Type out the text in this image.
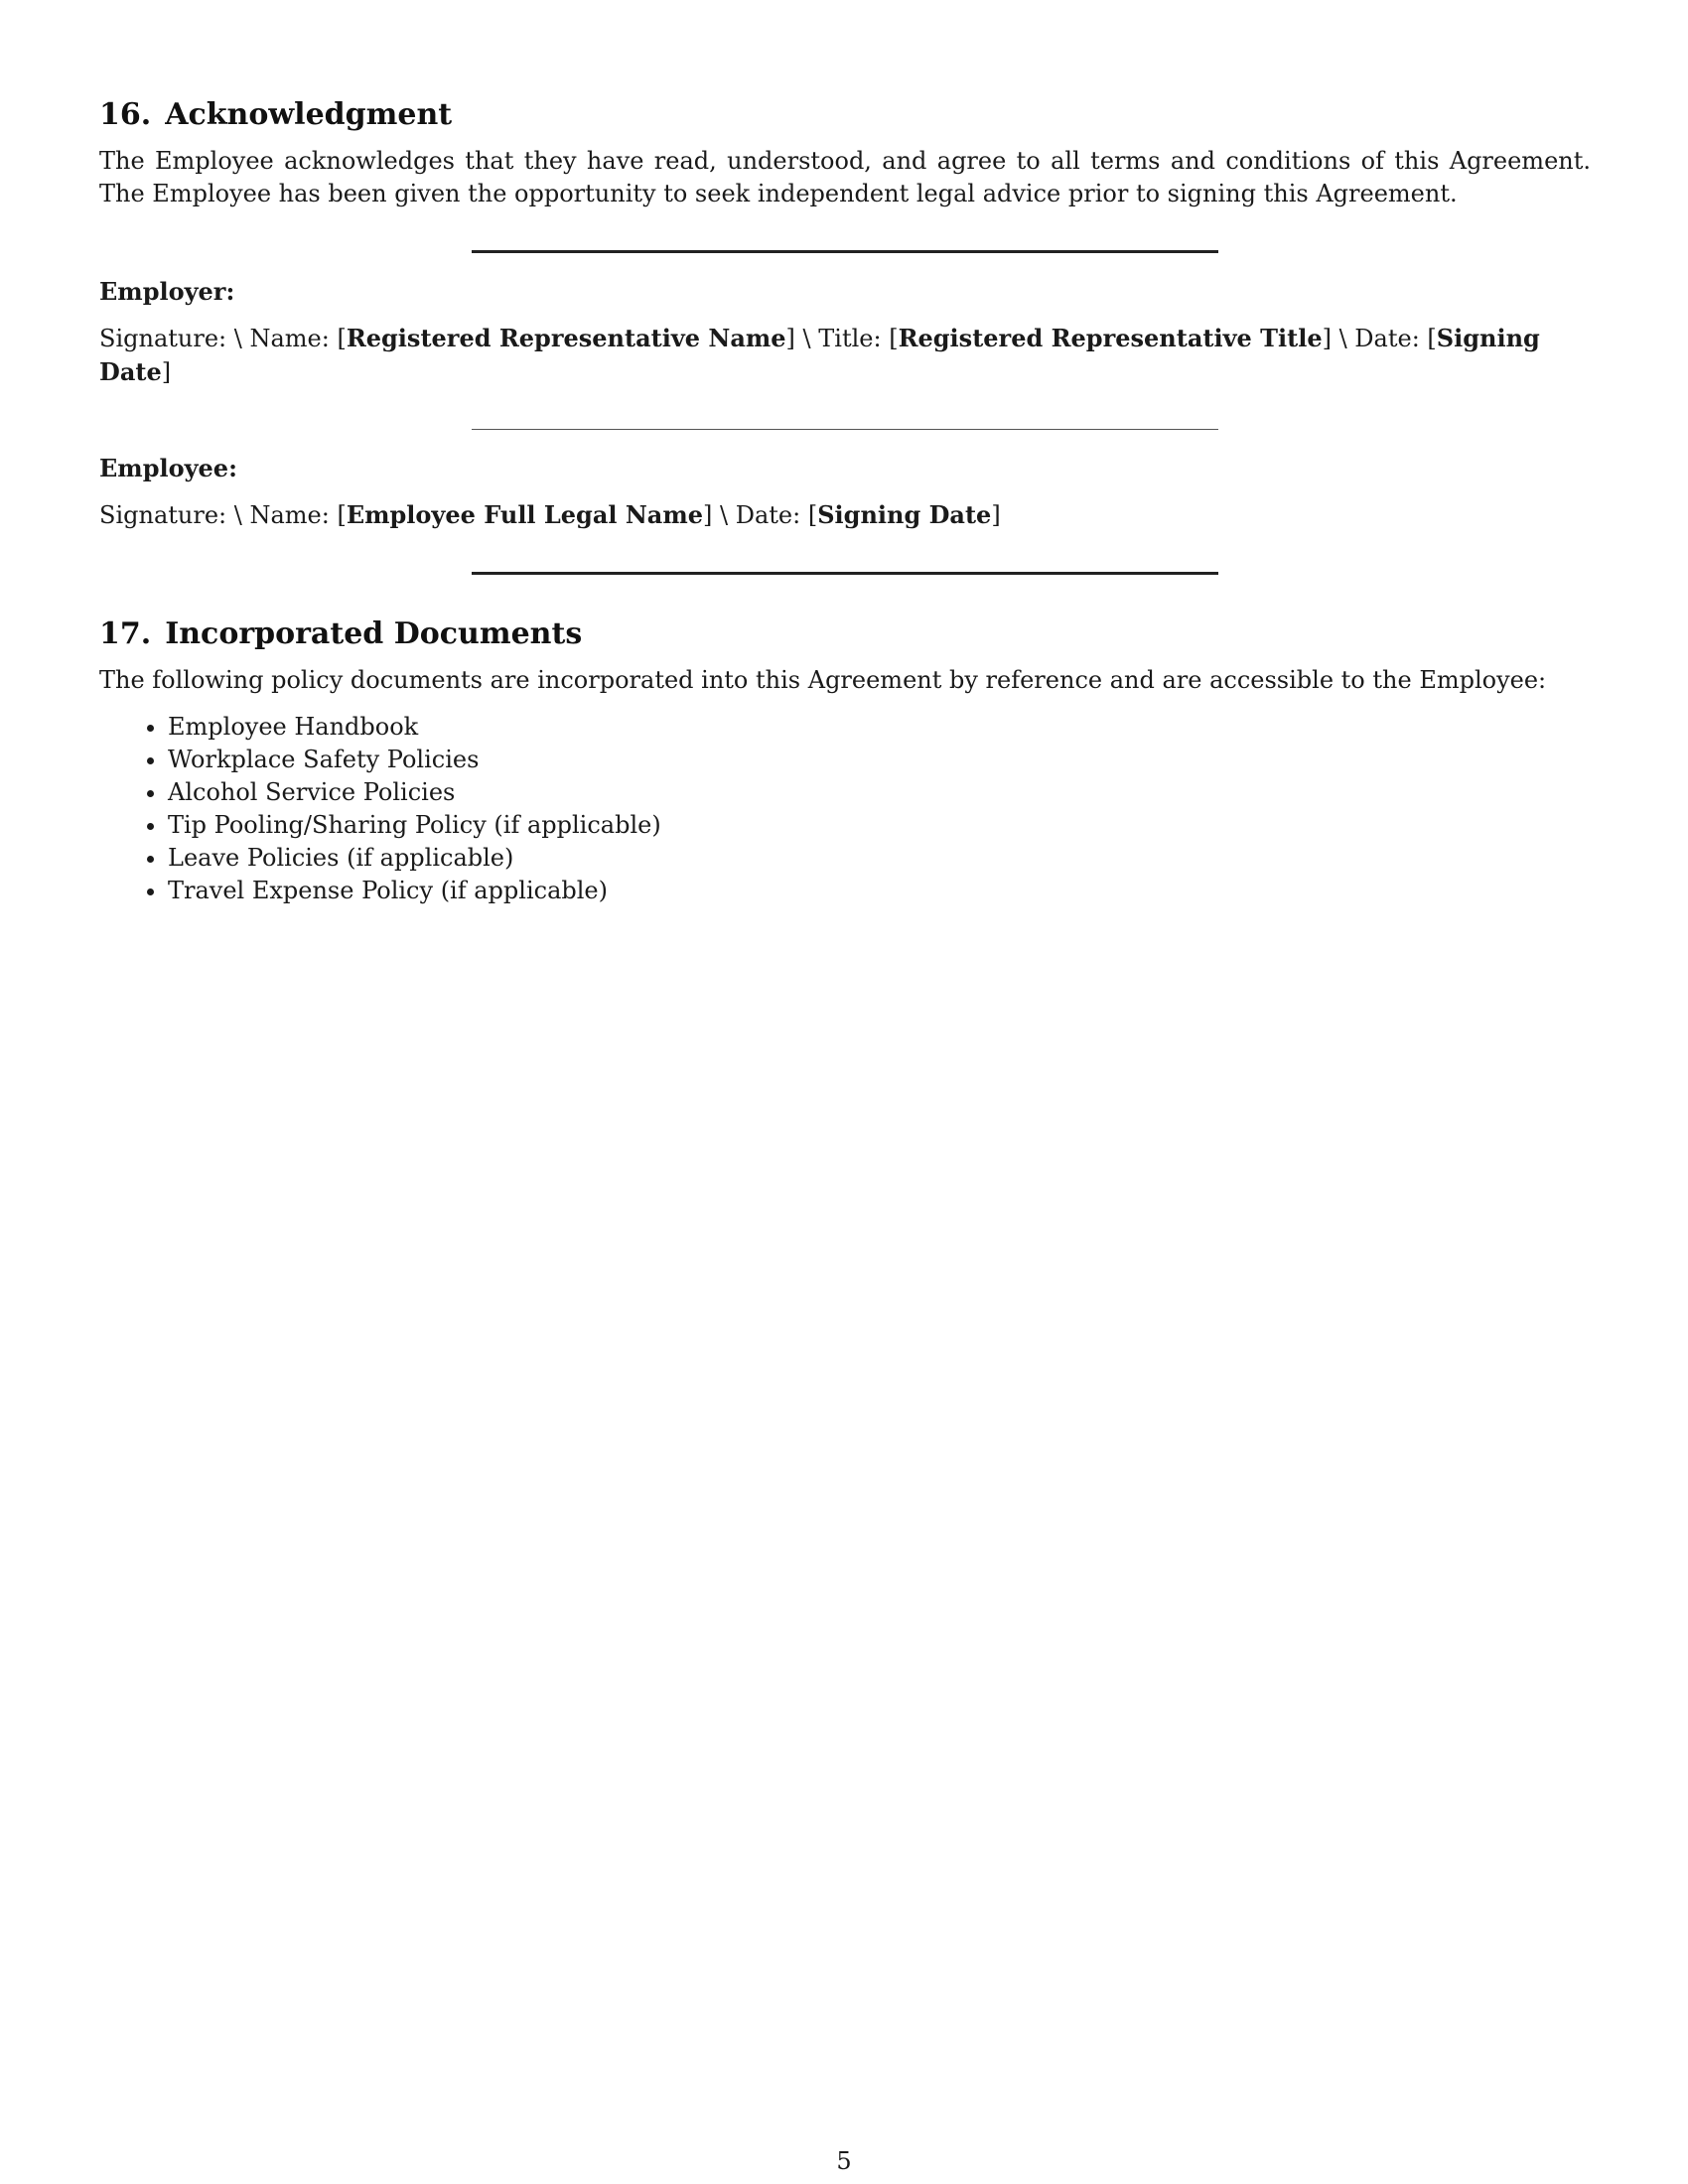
16. Acknowledgment

The Employee acknowledges that they have read, understood, and agree to all terms and conditions of this Agreement. The Employee has been given the opportunity to seek independent legal advice prior to signing this Agreement.

Employer:

Signature: \ Name: [Registered Representative Name] \ Title: [Registered Representative Title] \ Date: [Signing Date]

Employee:

Signature: \ Name: [Employee Full Legal Name] \ Date: [Signing Date]

17. Incorporated Documents

The following policy documents are incorporated into this Agreement by reference and are accessible to the Employee:

• Employee Handbook
• Workplace Safety Policies
• Alcohol Service Policies
• Tip Pooling/Sharing Policy (if applicable)
• Leave Policies (if applicable)
• Travel Expense Policy (if applicable)
5
